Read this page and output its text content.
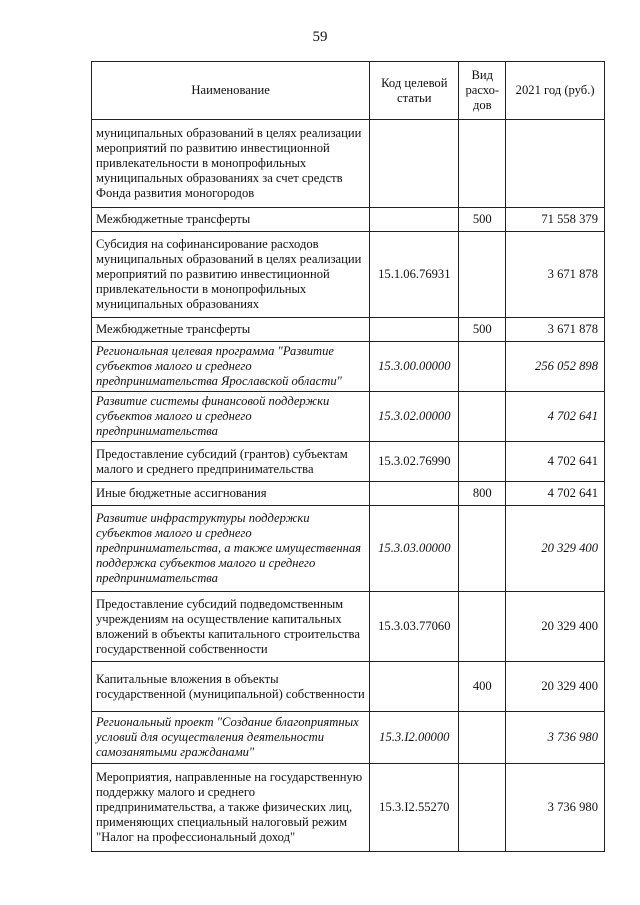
59
Наименование	Код целевой статьи	Вид расхо-дов	2021 год (руб.)
муниципальных образований в целях реализации мероприятий по развитию инвестиционной привлекательности в монопрофильных муниципальных образованиях за счет средств Фонда развития моногородов			
Межбюджетные трансферты		500	71 558 379
Субсидия на софинансирование расходов муниципальных образований в целях реализации мероприятий по развитию инвестиционной привлекательности в монопрофильных муниципальных образованиях	15.1.06.76931		3 671 878
Межбюджетные трансферты		500	3 671 878
Региональная целевая программа "Развитие субъектов малого и среднего предпринимательства Ярославской области"	15.3.00.00000		256 052 898
Развитие системы финансовой поддержки субъектов малого и среднего предпринимательства	15.3.02.00000		4 702 641
Предоставление субсидий (грантов) субъектам малого и среднего предпринимательства	15.3.02.76990		4 702 641
Иные бюджетные ассигнования		800	4 702 641
Развитие инфраструктуры поддержки субъектов малого и среднего предпринимательства, а также имущественная поддержка субъектов малого и среднего предпринимательства	15.3.03.00000		20 329 400
Предоставление субсидий подведомственным учреждениям на осуществление капитальных вложений в объекты капитального строительства государственной собственности	15.3.03.77060		20 329 400
Капитальные вложения в объекты государственной (муниципальной) собственности		400	20 329 400
Региональный проект "Создание благоприятных условий для осуществления деятельности самозанятыми гражданами"	15.3.I2.00000		3 736 980
Мероприятия, направленные на государственную поддержку малого и среднего предпринимательства, а также физических лиц, применяющих специальный налоговый режим "Налог на профессиональный доход"	15.3.I2.55270		3 736 980
